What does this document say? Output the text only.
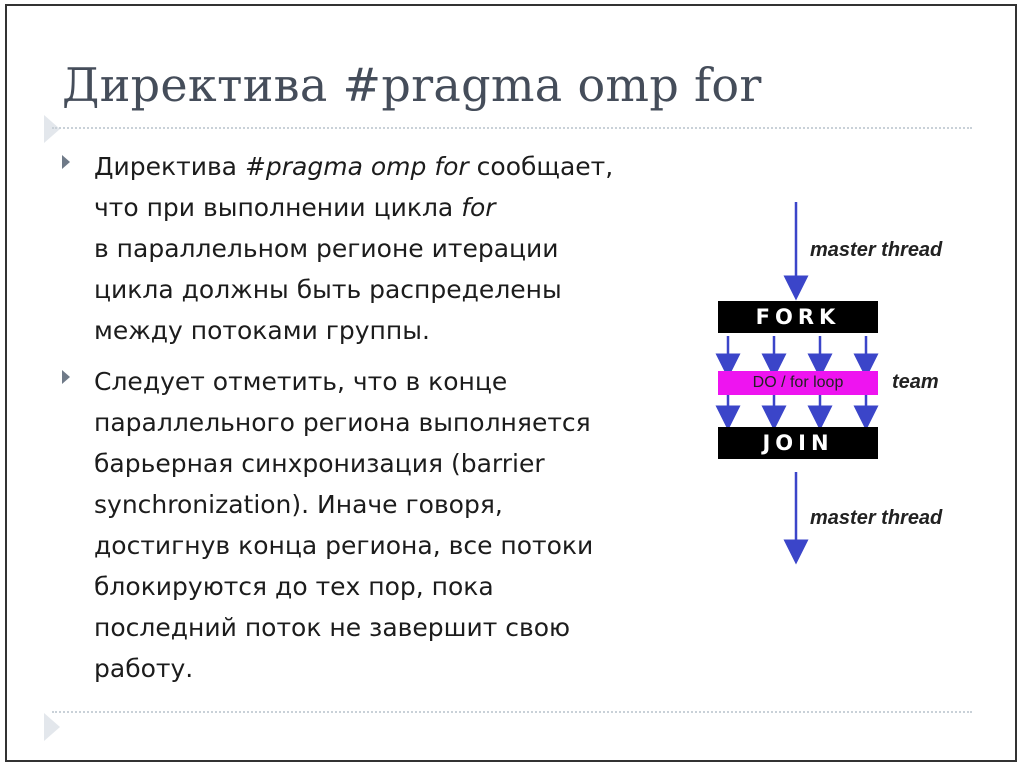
Директива #pragma omp for
Директива #pragma omp for сообщает,
что при выполнении цикла for
в параллельном регионе итерации
цикла должны быть распределены
между потоками группы.
Следует отметить, что в конце
параллельного региона выполняется
барьерная синхронизация (barrier
synchronization). Иначе говоря,
достигнув конца региона, все потоки
блокируются до тех пор, пока
последний поток не завершит свою
работу.
master thread
FORK
DO / for loop	team
JOIN
master thread
